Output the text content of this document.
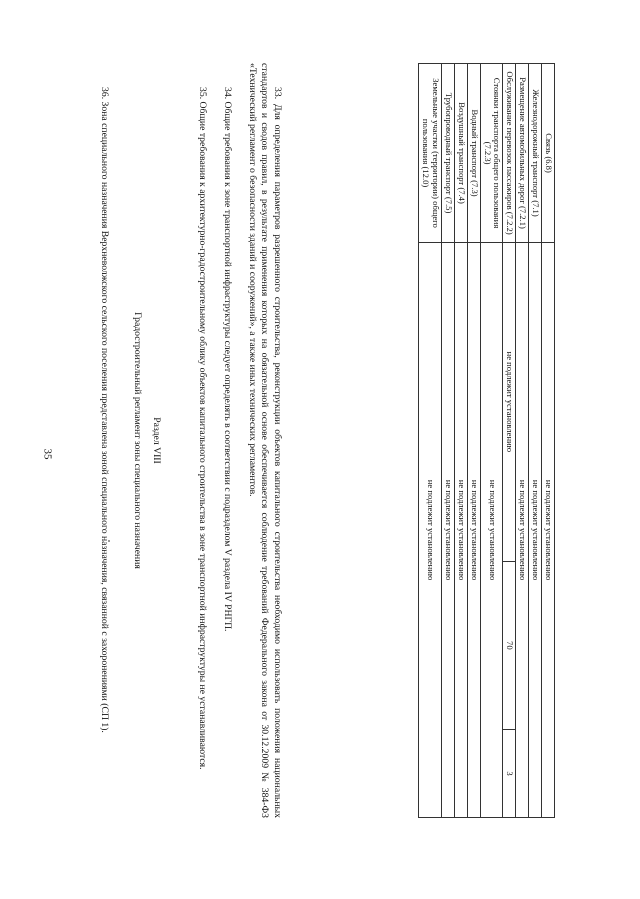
35
Связь (6.8)	не подлежит установлению		
Железнодорожный транспорт (7.1)	не подлежит установлению		
Размещение автомобильных дорог (7.2.1)	не подлежит установлению		
Обслуживание перевозок пассажиров (7.2.2)	не подлежит установлению	70	3
Стоянки транспорта общего пользования (7.2.3)	не подлежит установлению		
Водный транспорт (7.3)	не подлежит установлению		
Воздушный транспорт (7.4)	не подлежит установлению		
Трубопроводный транспорт (7.5)	не подлежит установлению		
Земельные участки (территории) общего пользования (12.0)	не подлежит установлению		

33. Для определения параметров разрешенного строительства, реконструкции объектов капитального строительства необходимо использовать положения национальных стандартов и сводов правил, в результате применения которых на обязательной основе обеспечивается соблюдение требований Федерального закона от 30.12.2009 № 384-ФЗ «Технический регламент о безопасности зданий и сооружений», а также иных технических регламентов.

34. Общие требования к зоне транспортной инфраструктуры следует определять в соответствии с подразделом V раздела IV РНГП.

35. Общие требования к архитектурно-градостроительному облику объектов капитального строительства в зоне транспортной инфраструктуры не устанавливаются.

Раздел VIII
Градостроительный регламент зоны специального назначения

36. Зона специального назначения Верхневолжского сельского поселения представлена зоной специального назначения, связанной с захоронениями (СП 1).
